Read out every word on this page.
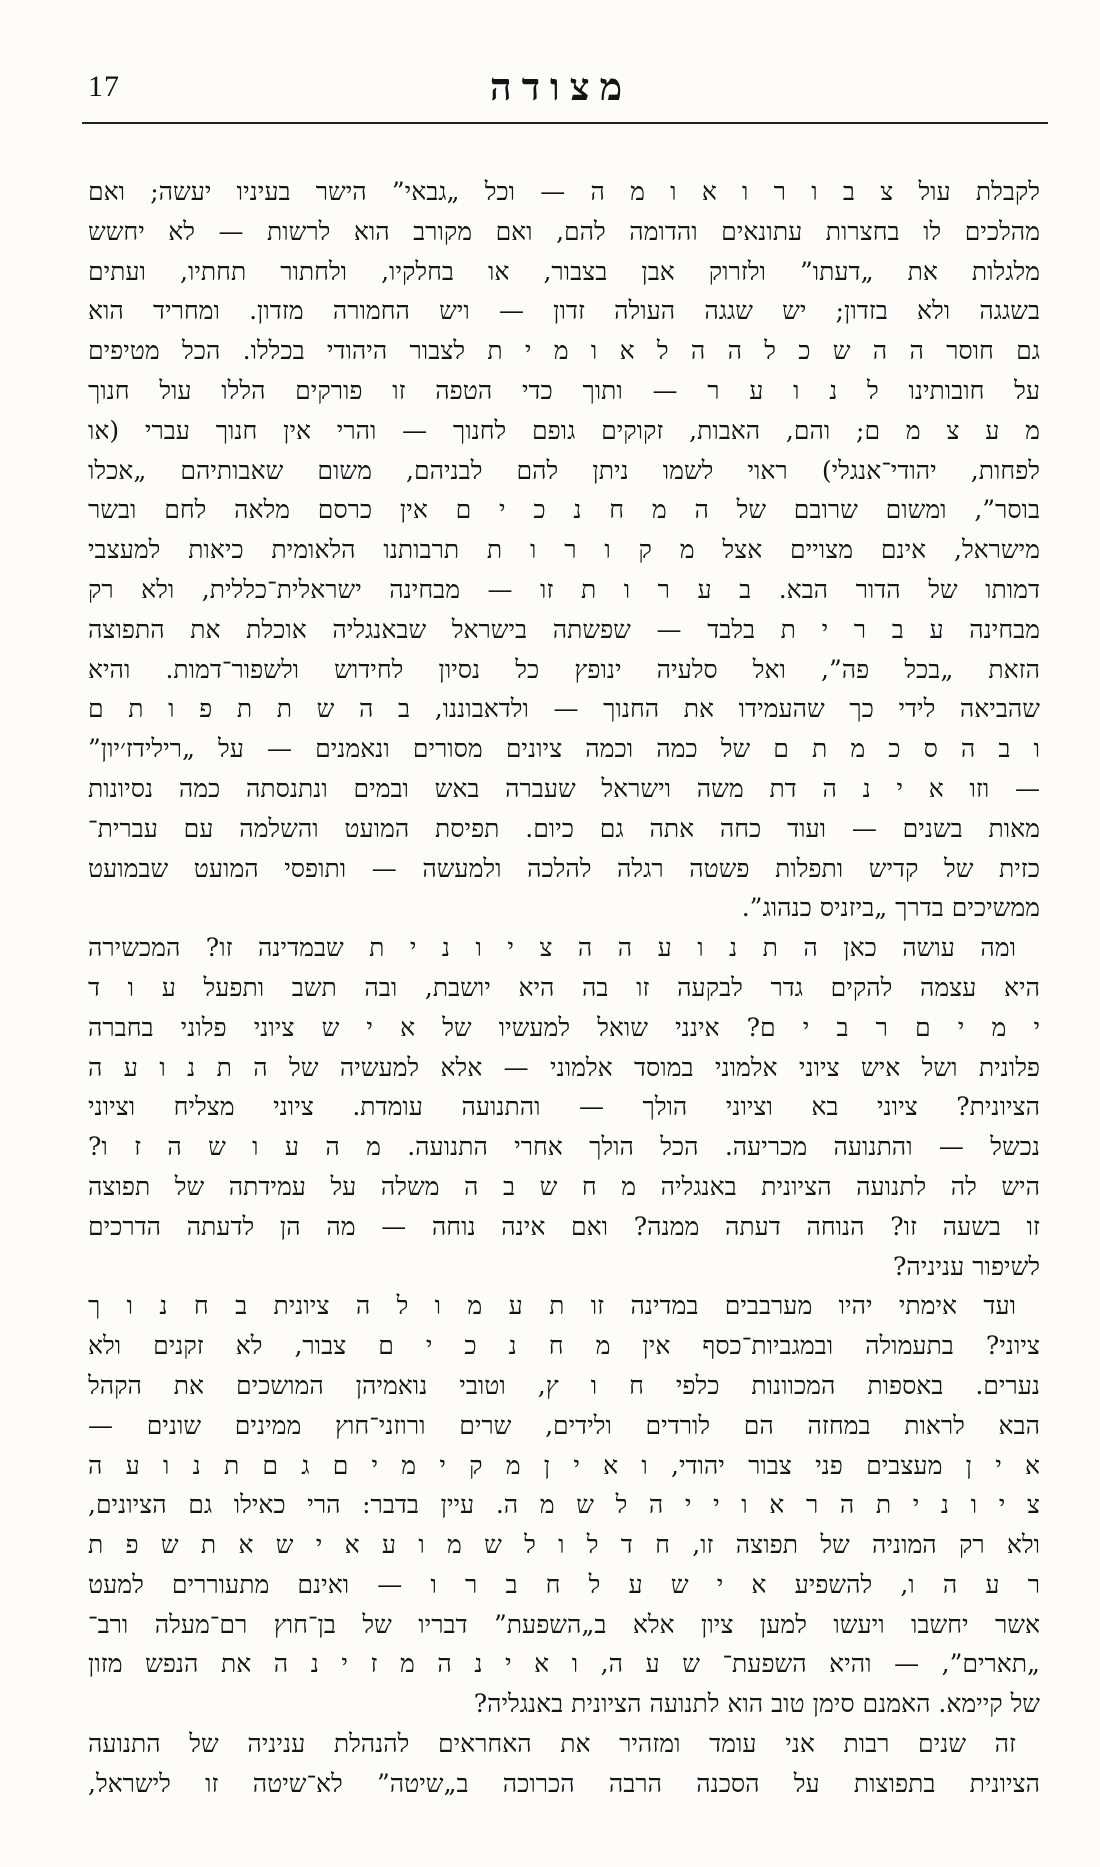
17	מצודה
לקבלת עול צ ב ו ר ו א ו מ ה — וכל „גבאי” הישר בעיניו יעשה; ואם
מהלכים לו בחצרות עתונאים והדומה להם, ואם מקורב הוא לרשות — לא יחשש
מלגלות את „דעתו” ולזרוק אבן בצבור, או בחלקיו, ולחתור תחתיו, ועתים
בשגגה ולא בזדון; יש שגגה העולה זדון — ויש החמורה מזדון. ומחריד הוא
גם חוסר ה ה ש כ ל ה ה ל א ו מ י ת לצבור היהודי בכללו. הכל מטיפים
על חובותינו ל נ ו ע ר — ותוך כדי הטפה זו פורקים הללו עול חנוך
מ ע צ מ ם; והם, האבות, זקוקים גופם לחנוך — והרי אין חנוך עברי (או
לפחות, יהודי־אנגלי) ראוי לשמו ניתן להם לבניהם, משום שאבותיהם „אכלו
בוסר”, ומשום שרובם של ה מ ח נ כ י ם אין כרסם מלאה לחם ובשר
מישראל, אינם מצויים אצל מ ק ו ר ו ת תרבותנו הלאומית כיאות למעצבי
דמותו של הדור הבא. ב ע ר ו ת זו — מבחינה ישראלית־כללית, ולא רק
מבחינה ע ב ר י ת בלבד — שפשתה בישראל שבאנגליה אוכלת את התפוצה
הזאת „בכל פה”, ואל סלעיה ינופץ כל נסיון לחידוש ולשפור־דמות. והיא
שהביאה לידי כך שהעמידו את החנוך — ולדאבוננו, ב ה ש ת ת פ ו ת ם
ו ב ה ס כ מ ת ם של כמה וכמה ציונים מסורים ונאמנים — על „רילידז׳יון”
— וזו א י נ ה דת משה וישראל שעברה באש ובמים ונתנסתה כמה נסיונות
מאות בשנים — ועוד כחה אתה גם כיום. תפיסת המועט והשלמה עם עברית־
כזית של קדיש ותפלות פשטה רגלה להלכה ולמעשה — ותופסי המועט שבמועט
ממשיכים בדרך „ביזניס כנהוג”.
ומה עושה כאן ה ת נ ו ע ה ה צ י ו נ י ת שבמדינה זו? המכשירה
היא עצמה להקים גדר לבקעה זו בה היא יושבת, ובה תשב ותפעל ע ו ד
י מ י ם ר ב י ם? אינני שואל למעשיו של א י ש ציוני פלוני בחברה
פלונית ושל איש ציוני אלמוני במוסד אלמוני — אלא למעשיה של ה ת נ ו ע ה
הציונית? ציוני בא וציוני הולך — והתנועה עומדת. ציוני מצליח וציוני
נכשל — והתנועה מכריעה. הכל הולך אחרי התנועה. מ ה ע ו ש ה ז ו?
היש לה לתנועה הציונית באנגליה מ ח ש ב ה משלה על עמידתה של תפוצה
זו בשעה זו? הנוחה דעתה ממנה? ואם אינה נוחה — מה הן לדעתה הדרכים
לשיפור עניניה?
ועד אימתי יהיו מערבבים במדינה זו ת ע מ ו ל ה ציונית ב ח נ ו ך
ציוני? בתעמולה ובמגביות־כסף אין מ ח נ כ י ם צבור, לא זקנים ולא
נערים. באספות המכוונות כלפי ח ו ץ, וטובי נואמיהן המושכים את הקהל
הבא לראות במחזה הם לורדים ולידים, שרים ורוזני־חוץ ממינים שונים —
א י ן מעצבים פני צבור יהודי, ו א י ן מ ק י מ י ם ג ם ת נ ו ע ה
צ י ו נ י ת ה ר א ו י י ה ל ש מ ה. עיין בדבר: הרי כאילו גם הציונים,
ולא רק המוניה של תפוצה זו, ח ד ל ו ל ש מ ו ע א י ש א ת ש פ ת
ר ע ה ו, להשפיע א י ש ע ל ח ב ר ו — ואינם מתעוררים למעט
אשר יחשבו ויעשו למען ציון אלא ב„השפעת” דבריו של בן־חוץ רם־מעלה ורב־
„תארים”, — והיא השפעת־ ש ע ה, ו א י נ ה מ ז י נ ה את הנפש מזון
של קיימא. האמנם סימן טוב הוא לתנועה הציונית באנגליה?
זה שנים רבות אני עומד ומזהיר את האחראים להנהלת עניניה של התנועה
הציונית בתפוצות על הסכנה הרבה הכרוכה ב„שיטה” לא־שיטה זו לישראל,
